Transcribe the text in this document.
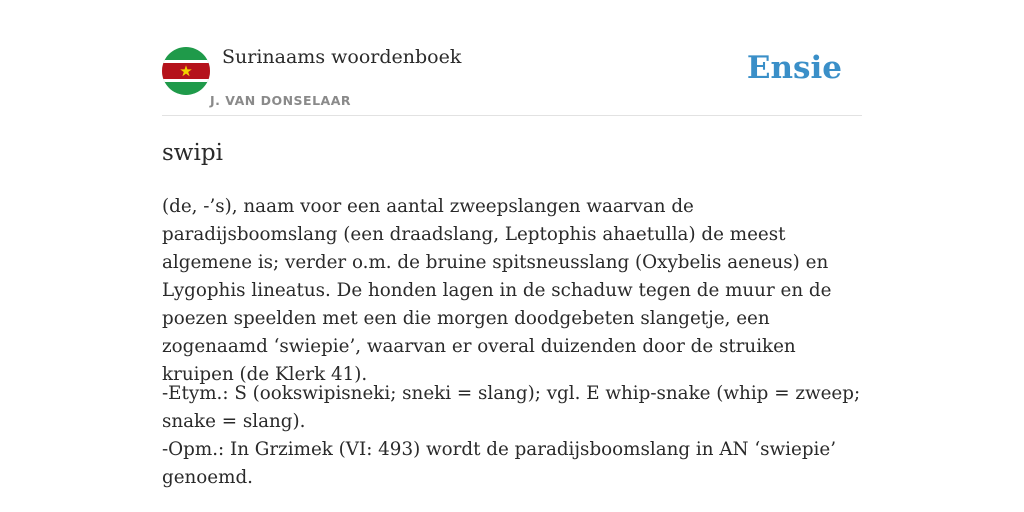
Surinaams woordenboek
J. VAN DONSELAAR
Ensie
swipi

(de, -’s), naam voor een aantal zweepslangen waarvan de paradijsboomslang (een draadslang, Leptophis ahaetulla) de meest algemene is; verder o.m. de bruine spitsneusslang (Oxybelis aeneus) en Lygophis lineatus. De honden lagen in de schaduw tegen de muur en de poezen speelden met een die morgen doodgebeten slangetje, een zogenaamd ‘swiepie’, waarvan er overal duizenden door de struiken kruipen (de Klerk 41).

-Etym.: S (ookswipisneki; sneki = slang); vgl. E whip-snake (whip = zweep; snake = slang).
-Opm.: In Grzimek (VI: 493) wordt de paradijsboomslang in AN ‘swiepie’ genoemd.
